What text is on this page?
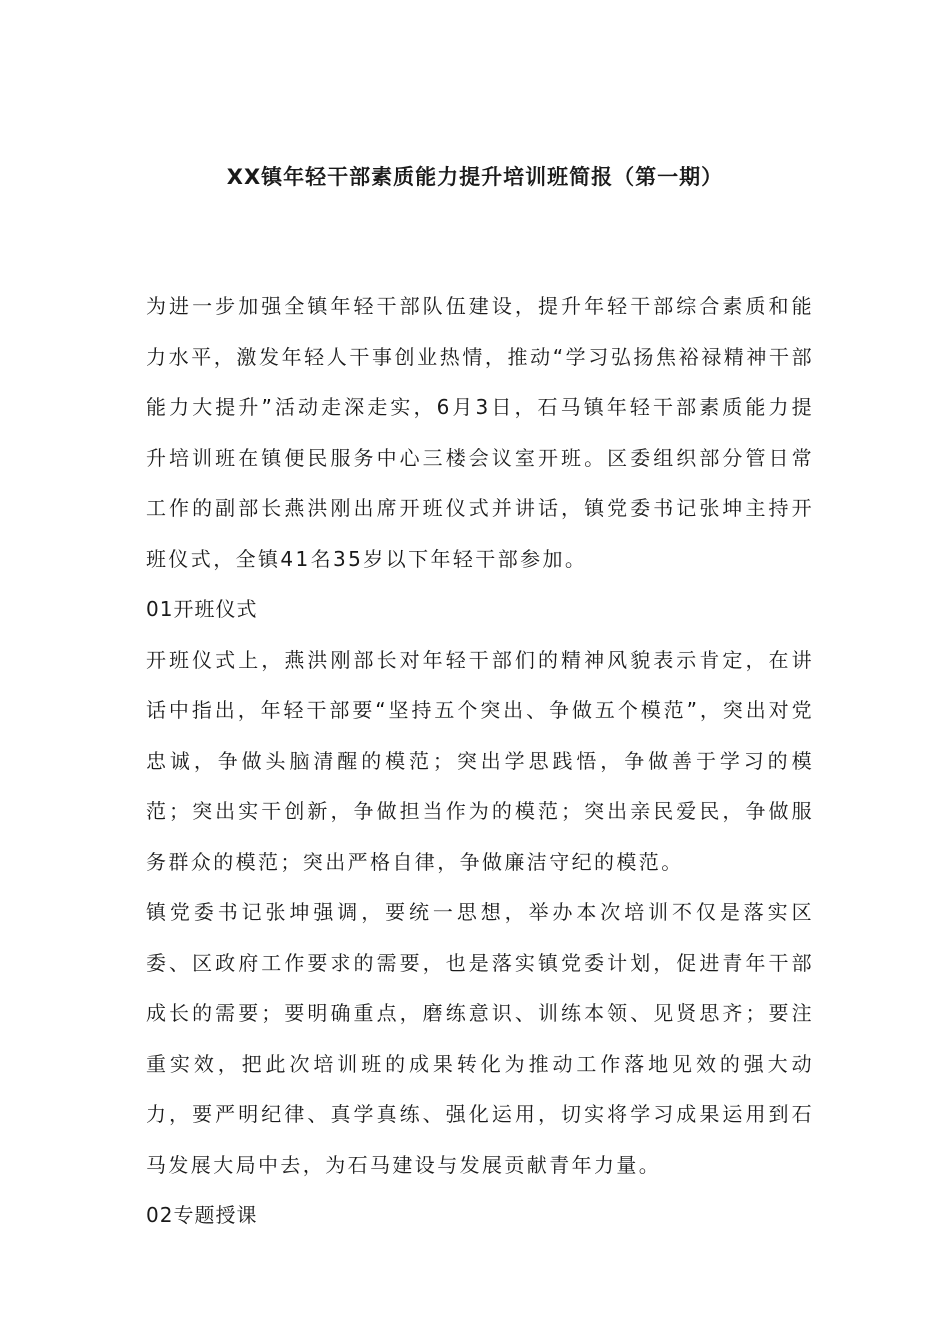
XX镇年轻干部素质能力提升培训班简报（第一期）

为进一步加强全镇年轻干部队伍建设，提升年轻干部综合素质和能力水平，激发年轻人干事创业热情，推动“学习弘扬焦裕禄精神干部能力大提升”活动走深走实，6月3日，石马镇年轻干部素质能力提升培训班在镇便民服务中心三楼会议室开班。区委组织部分管日常工作的副部长燕洪刚出席开班仪式并讲话，镇党委书记张坤主持开班仪式，全镇41名35岁以下年轻干部参加。

01开班仪式

开班仪式上，燕洪刚部长对年轻干部们的精神风貌表示肯定，在讲话中指出，年轻干部要“坚持五个突出、争做五个模范”，突出对党忠诚，争做头脑清醒的模范；突出学思践悟，争做善于学习的模范；突出实干创新，争做担当作为的模范；突出亲民爱民，争做服务群众的模范；突出严格自律，争做廉洁守纪的模范。

镇党委书记张坤强调，要统一思想，举办本次培训不仅是落实区委、区政府工作要求的需要，也是落实镇党委计划，促进青年干部成长的需要；要明确重点，磨练意识、训练本领、见贤思齐；要注重实效，把此次培训班的成果转化为推动工作落地见效的强大动力，要严明纪律、真学真练、强化运用，切实将学习成果运用到石马发展大局中去，为石马建设与发展贡献青年力量。

02专题授课
